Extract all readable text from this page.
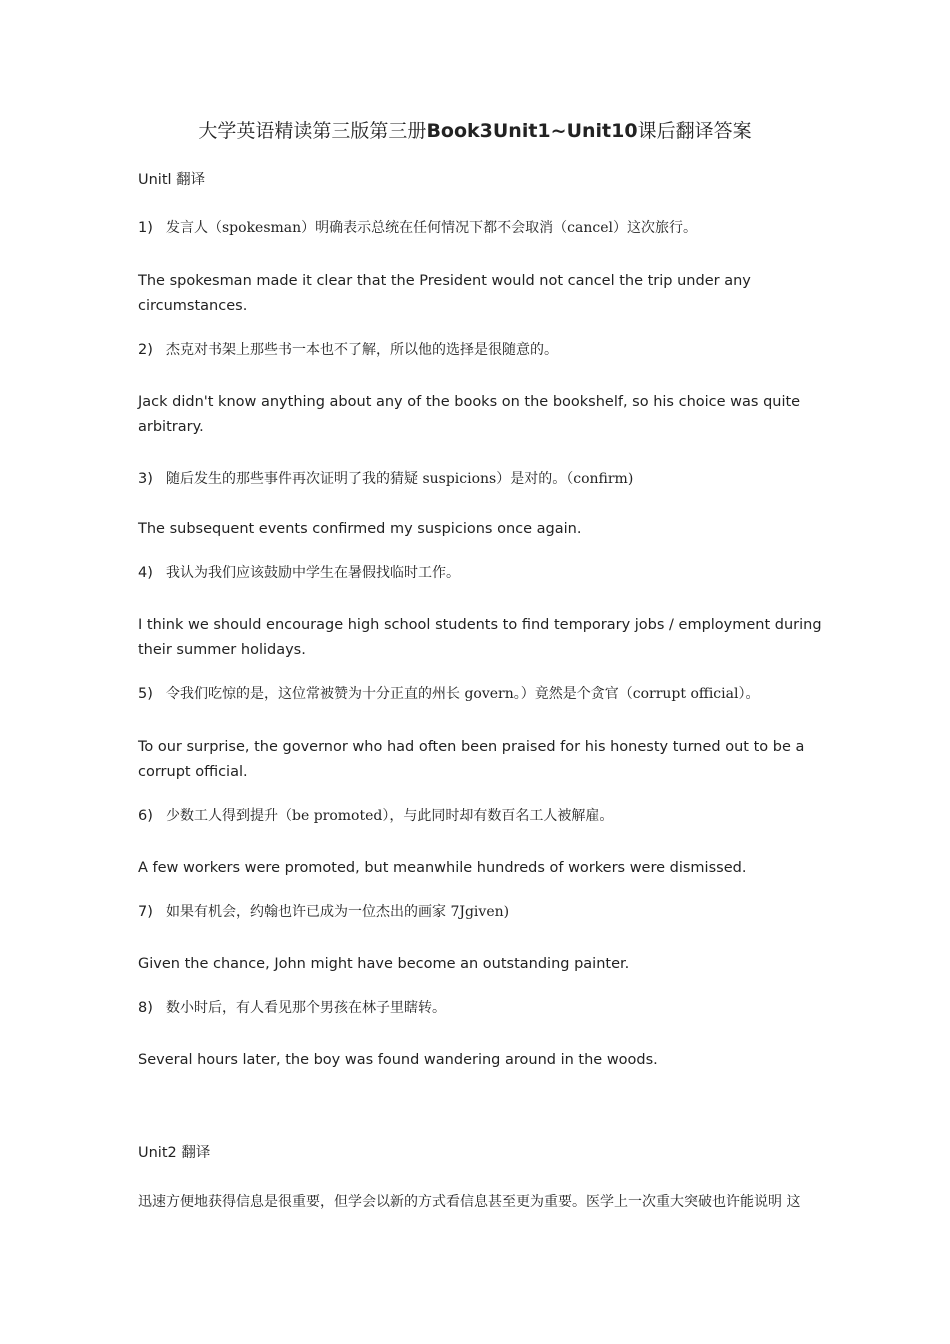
大学英语精读第三版第三册Book3Unit1~Unit10课后翻译答案
Unitl 翻译
1) 发言人（spokesman）明确表示总统在任何情况下都不会取消（cancel）这次旅行。
The spokesman made it clear that the President would not cancel the trip under any circumstances.
2) 杰克对书架上那些书一本也不了解，所以他的选择是很随意的。
Jack didn't know anything about any of the books on the bookshelf, so his choice was quite arbitrary.
3) 随后发生的那些事件再次证明了我的猜疑 suspicions）是对的。（confirm)
The subsequent events confirmed my suspicions once again.
4) 我认为我们应该鼓励中学生在暑假找临时工作。
I think we should encourage high school students to find temporary jobs / employment during their summer holidays.
5) 令我们吃惊的是，这位常被赞为十分正直的州长 govern。）竟然是个贪官（corrupt official）。
To our surprise, the governor who had often been praised for his honesty turned out to be a corrupt official.
6) 少数工人得到提升（be promoted），与此同时却有数百名工人被解雇。
A few workers were promoted, but meanwhile hundreds of workers were dismissed.
7) 如果有机会，约翰也许已成为一位杰出的画家 7Jgiven)
Given the chance, John might have become an outstanding painter.
8) 数小时后，有人看见那个男孩在林子里瞎转。
Several hours later, the boy was found wandering around in the woods.
Unit2 翻译
迅速方便地获得信息是很重要，但学会以新的方式看信息甚至更为重要。医学上一次重大突破也许能说明 这
